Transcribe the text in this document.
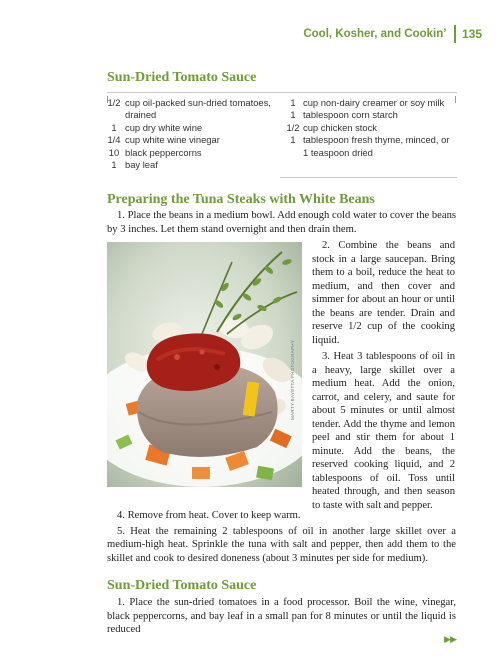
Cool, Kosher, and Cookin’ 135
Sun-Dried Tomato Sauce
1/2 cup oil-packed sun-dried tomatoes, drained
1 cup dry white wine
1/4 cup white wine vinegar
10 black peppercorns
1 bay leaf
1 cup non-dairy creamer or soy milk
1 tablespoon corn starch
1/2 cup chicken stock
1 tablespoon fresh thyme, minced, or 1 teaspoon dried
Preparing the Tuna Steaks with White Beans

1. Place the beans in a medium bowl. Add enough cold water to cover the beans by 3 inches. Let them stand overnight and then drain them.

MARTY BAYETTA PHOTOGRAPHY

2. Combine the beans and stock in a large saucepan. Bring them to a boil, reduce the heat to medium, and then cover and simmer for about an hour or until the beans are tender. Drain and reserve 1/2 cup of the cooking liquid.

3. Heat 3 tablespoons of oil in a heavy, large skillet over a medium heat. Add the onion, carrot, and celery, and saute for about 5 minutes or until almost tender. Add the thyme and lemon peel and stir them for about 1 minute. Add the beans, the reserved cooking liquid, and 2 tablespoons of oil. Toss until heated through, and then season to taste with salt and pepper.

4. Remove from heat. Cover to keep warm.

5. Heat the remaining 2 tablespoons of oil in another large skillet over a medium-high heat. Sprinkle the tuna with salt and pepper, then add them to the skillet and cook to desired doneness (about 3 minutes per side for medium).

Sun-Dried Tomato Sauce

1. Place the sun-dried tomatoes in a food processor. Boil the wine, vinegar, black peppercorns, and bay leaf in a small pan for 8 minutes or until the liquid is reduced

▶▶
